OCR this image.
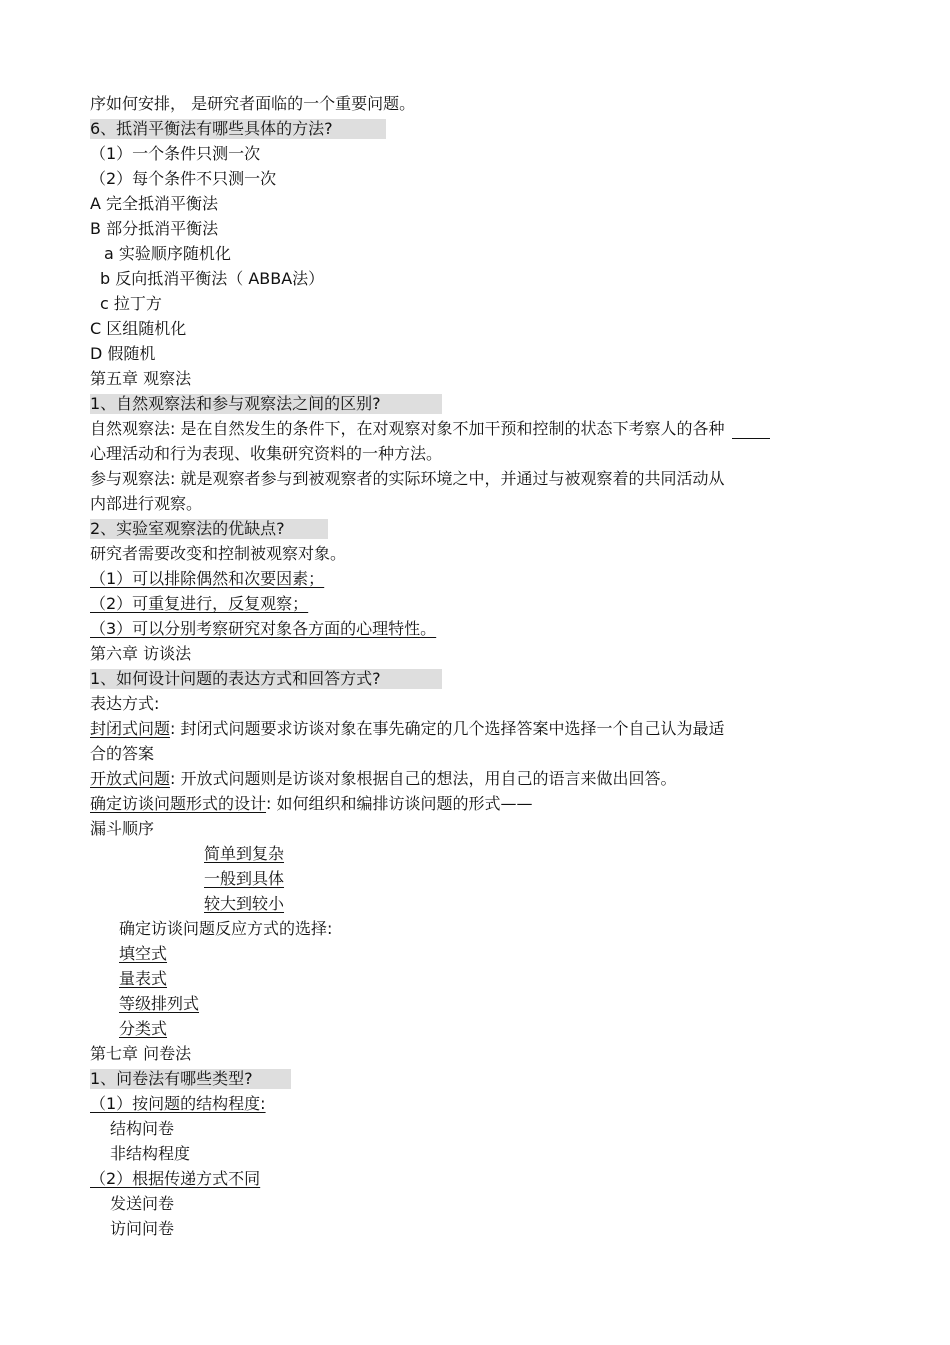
序如何安排， 是研究者面临的一个重要问题。
6、抵消平衡法有哪些具体的方法?
（1）一个条件只测一次
（2）每个条件不只测一次
A 完全抵消平衡法
B 部分抵消平衡法
a 实验顺序随机化
b 反向抵消平衡法（ ABBA法）
c 拉丁方
C 区组随机化
D 假随机
第五章 观察法
1、自然观察法和参与观察法之间的区别?
自然观察法: 是在自然发生的条件下，在对观察对象不加干预和控制的状态下考察人的各种
心理活动和行为表现、收集研究资料的一种方法。
参与观察法: 就是观察者参与到被观察者的实际环境之中，并通过与被观察着的共同活动从
内部进行观察。
2、实验室观察法的优缺点?
研究者需要改变和控制被观察对象。
（1）可以排除偶然和次要因素；
（2）可重复进行，反复观察；
（3）可以分别考察研究对象各方面的心理特性。
第六章 访谈法
1、如何设计问题的表达方式和回答方式?
表达方式:
封闭式问题: 封闭式问题要求访谈对象在事先确定的几个选择答案中选择一个自己认为最适
合的答案
开放式问题: 开放式问题则是访谈对象根据自己的想法，用自己的语言来做出回答。
确定访谈问题形式的设计: 如何组织和编排访谈问题的形式——
漏斗顺序
简单到复杂
一般到具体
较大到较小
确定访谈问题反应方式的选择:
填空式
量表式
等级排列式
分类式
第七章 问卷法
1、问卷法有哪些类型?
（1）按问题的结构程度:
结构问卷
非结构程度
（2）根据传递方式不同
发送问卷
访问问卷
